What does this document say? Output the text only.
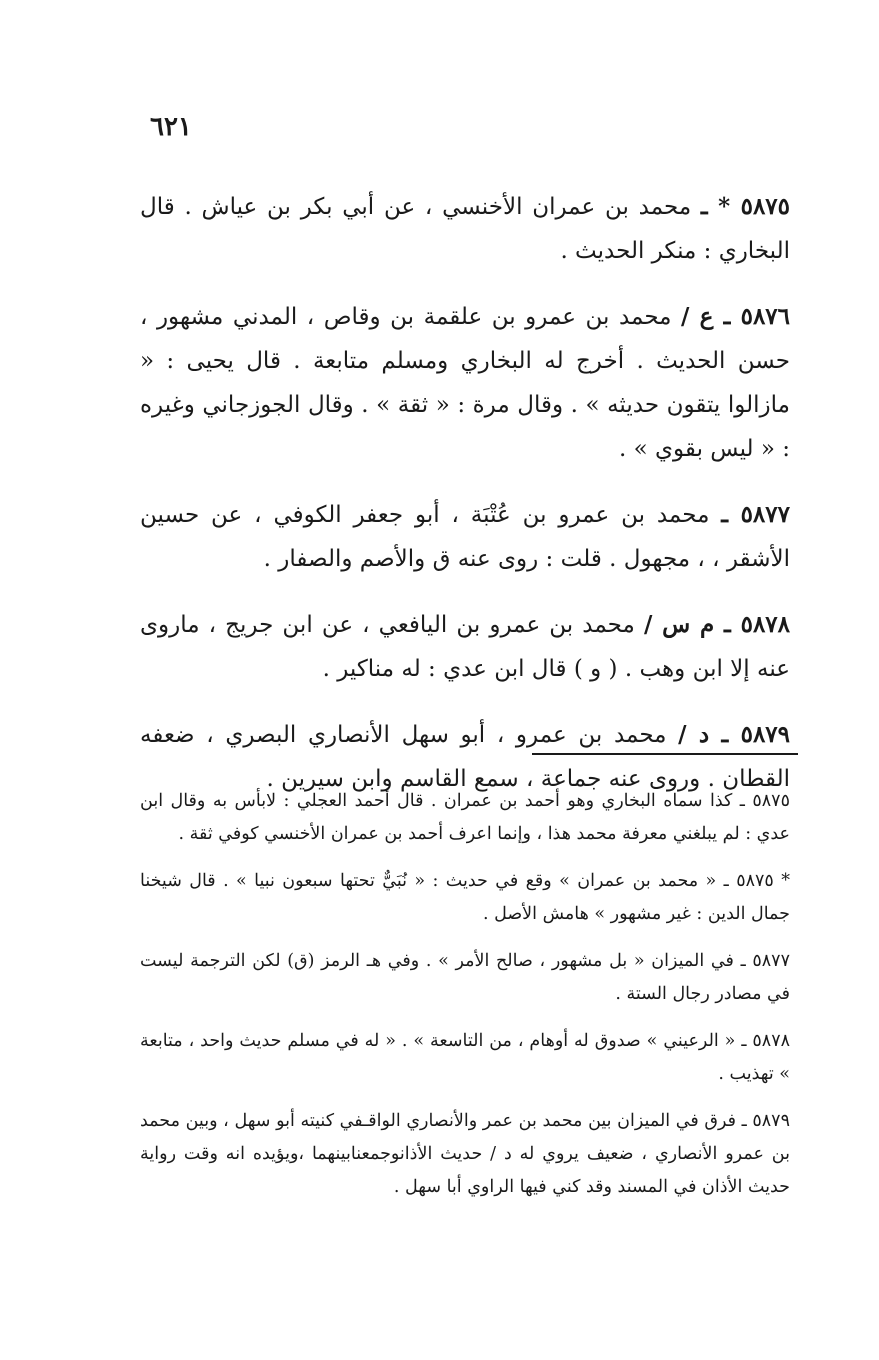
٦٢١

٥٨٧٥ * ـ محمد بن عمران الأخنسي ، عن أبي بكر بن عياش . قال البخاري : منكر الحديث .

٥٨٧٦ ـ ع / محمد بن عمرو بن علقمة بن وقاص ، المدني مشهور ، حسن الحديث . أخرج له البخاري ومسلم متابعة . قال يحيى : « مازالوا يتقون حديثه » . وقال مرة : « ثقة » . وقال الجوزجاني وغيره : « ليس بقوي » .

٥٨٧٧ ـ محمد بن عمرو بن عُتْبَة ، أبو جعفر الكوفي ، عن حسين الأشقر ، ، مجهول . قلت : روى عنه ق والأصم والصفار .

٥٨٧٨ ـ م س / محمد بن عمرو بن اليافعي ، عن ابن جريج ، ماروى عنه إلا ابن وهب . ( و ) قال ابن عدي : له مناكير .

٥٨٧٩ ـ د / محمد بن عمرو ، أبو سهل الأنصاري البصري ، ضعفه القطان . وروى عنه جماعة ، سمع القاسم وابن سيرين .

٥٨٧٥ ـ كذا سماه البخاري وهو أحمد بن عمران . قال أحمد العجلي : لابأس به وقال ابن عدي : لم يبلغني معرفة محمد هذا ، وإنما اعرف أحمد بن عمران الأخنسي كوفي ثقة .

* ٥٨٧٥ ـ « محمد بن عمران » وقع في حديث : « نُبَيٌّ تحتها سبعون نبيا » . قال شيخنا جمال الدين : غير مشهور » هامش الأصل .

٥٨٧٧ ـ في الميزان « بل مشهور ، صالح الأمر » . وفي هـ الرمز (ق) لكن الترجمة ليست في مصادر رجال الستة .

٥٨٧٨ ـ « الرعيني » صدوق له أوهام ، من التاسعة » . « له في مسلم حديث واحد ، متابعة » تهذيب .

٥٨٧٩ ـ فرق في الميزان بين محمد بن عمر والأنصاري الواقـفي كنيته أبو سهل ، وبين محمد بن عمرو الأنصاري ، ضعيف يروي له د / حديث الأذانوجمعنابينهما ،ويؤيده انه وقت رواية حديث الأذان في المسند وقد كني فيها الراوي أبا سهل .
